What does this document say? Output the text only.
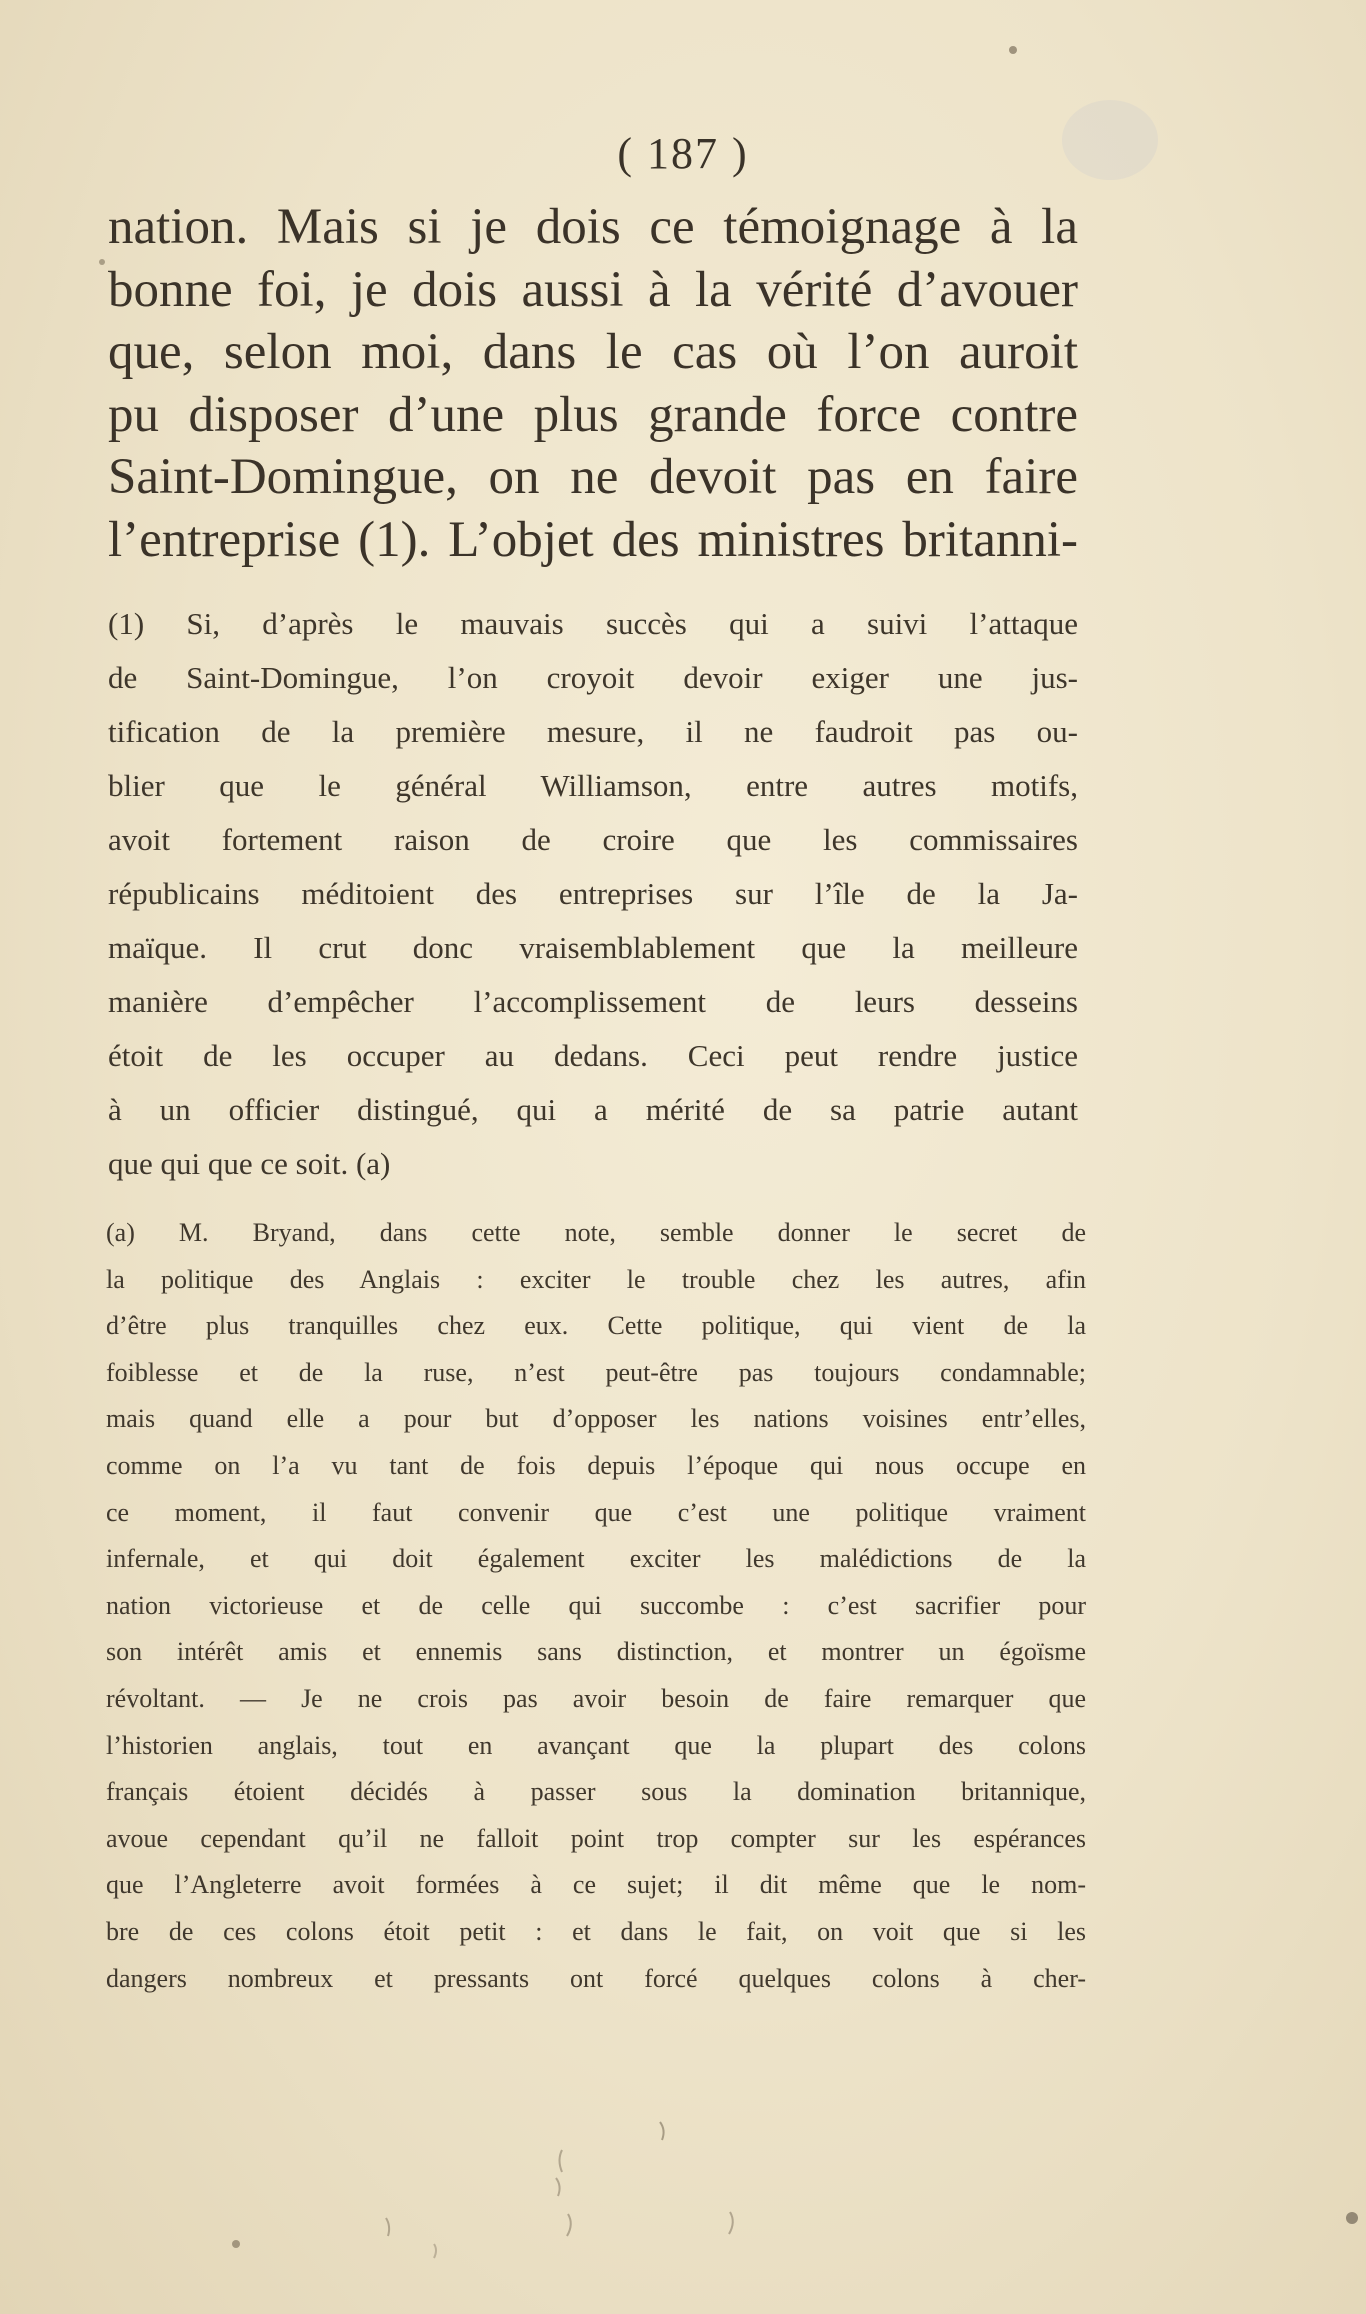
( 187 )
nation. Mais si je dois ce témoignage à la
bonne foi, je dois aussi à la vérité d’avouer
que, selon moi, dans le cas où l’on auroit
pu disposer d’une plus grande force contre
Saint-Domingue, on ne devoit pas en faire
l’entreprise (1). L’objet des ministres britanni-
(1) Si, d’après le mauvais succès qui a suivi l’attaque
de Saint-Domingue, l’on croyoit devoir exiger une jus-
tification de la première mesure, il ne faudroit pas ou-
blier que le général Williamson, entre autres motifs,
avoit fortement raison de croire que les commissaires
républicains méditoient des entreprises sur l’île de la Ja-
maïque. Il crut donc vraisemblablement que la meilleure
manière d’empêcher l’accomplissement de leurs desseins
étoit de les occuper au dedans. Ceci peut rendre justice
à un officier distingué, qui a mérité de sa patrie autant
que qui que ce soit. (a)
(a) M. Bryand, dans cette note, semble donner le secret de
la politique des Anglais : exciter le trouble chez les autres, afin
d’être plus tranquilles chez eux. Cette politique, qui vient de la
foiblesse et de la ruse, n’est peut-être pas toujours condamnable;
mais quand elle a pour but d’opposer les nations voisines entr’elles,
comme on l’a vu tant de fois depuis l’époque qui nous occupe en
ce moment, il faut convenir que c’est une politique vraiment
infernale, et qui doit également exciter les malédictions de la
nation victorieuse et de celle qui succombe : c’est sacrifier pour
son intérêt amis et ennemis sans distinction, et montrer un égoïsme
révoltant. — Je ne crois pas avoir besoin de faire remarquer que
l’historien anglais, tout en avançant que la plupart des colons
français étoient décidés à passer sous la domination britannique,
avoue cependant qu’il ne falloit point trop compter sur les espérances
que l’Angleterre avoit formées à ce sujet; il dit même que le nom-
bre de ces colons étoit petit : et dans le fait, on voit que si les
dangers nombreux et pressants ont forcé quelques colons à cher-
